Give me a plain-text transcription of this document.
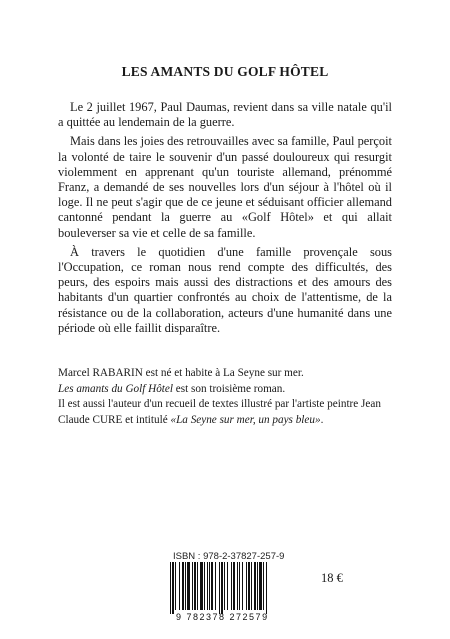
LES AMANTS DU GOLF HÔTEL

Le 2 juillet 1967, Paul Daumas, revient dans sa ville natale qu'il a quittée au lendemain de la guerre.

Mais dans les joies des retrouvailles avec sa famille, Paul perçoit la volonté de taire le souvenir d'un passé douloureux qui resurgit violemment en apprenant qu'un touriste allemand, prénommé Franz, a demandé de ses nouvelles lors d'un séjour à l'hôtel où il loge. Il ne peut s'agir que de ce jeune et séduisant officier allemand cantonné pendant la guerre au «Golf Hôtel» et qui allait bouleverser sa vie et celle de sa famille.

À travers le quotidien d'une famille provençale sous l'Occupation, ce roman nous rend compte des difficultés, des peurs, des espoirs mais aussi des distractions et des amours des habitants d'un quartier confrontés au choix de l'attentisme, de la résistance ou de la collaboration, acteurs d'une humanité dans une période où elle faillit disparaître.

Marcel RABARIN est né et habite à La Seyne sur mer.

Les amants du Golf Hôtel est son troisième roman.

Il est aussi l'auteur d'un recueil de textes illustré par l'artiste peintre Jean Claude CURE et intitulé «La Seyne sur mer, un pays bleu».

ISBN : 978-2-37827-257-9
9 782378 272579
18 €
